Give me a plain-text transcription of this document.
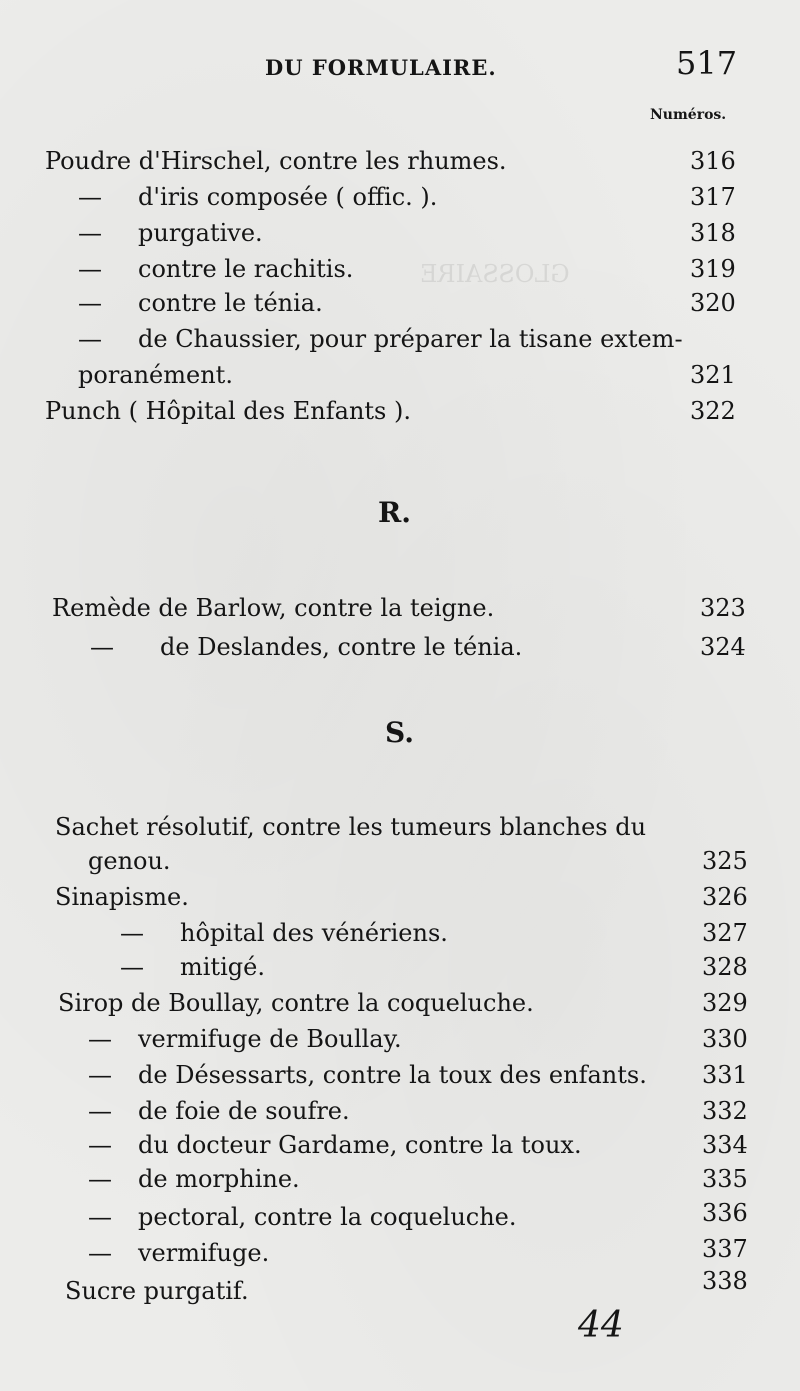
GLOSSAIRE
DU FORMULAIRE.	517
Numéros.
Poudre d'Hirschel, contre les rhumes.	316
— d'iris composée ( offic. ).	317
— purgative.	318
— contre le rachitis.	319
— contre le ténia.	320
— de Chaussier, pour préparer la tisane extem-
poranément.	321
Punch ( Hôpital des Enfants ).	322
R.
Remède de Barlow, contre la teigne.	323
— de Deslandes, contre le ténia.	324
S.
Sachet résolutif, contre les tumeurs blanches du
genou.	325
Sinapisme.	326
— hôpital des vénériens.	327
— mitigé.	328
Sirop de Boullay, contre la coqueluche.	329
— vermifuge de Boullay.	330
— de Désessarts, contre la toux des enfants. 331
— de foie de soufre.	332
— du docteur Gardame, contre la toux.	334
— de morphine.	335
— pectoral, contre la coqueluche.	336
— vermifuge.	337
Sucre purgatif.	338
44
